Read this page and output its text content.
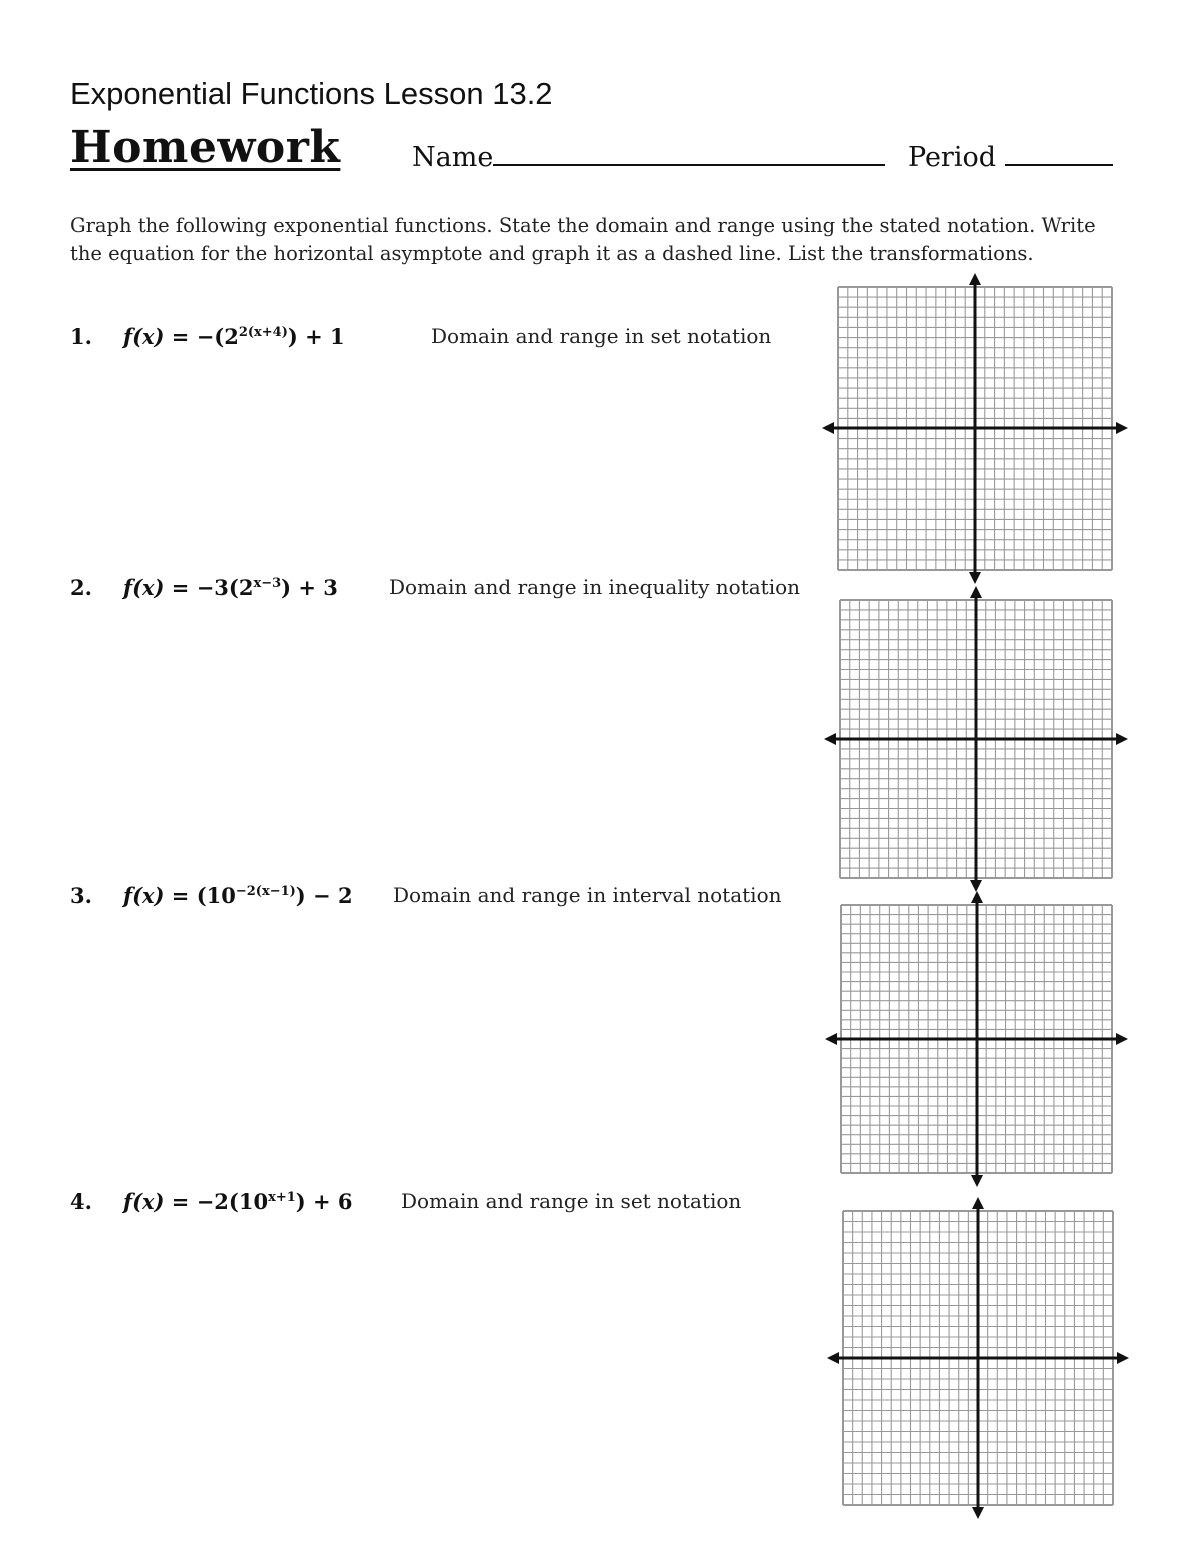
Exponential Functions Lesson 13.2
Homework	Name	Period
Graph the following exponential functions. State the domain and range using the stated notation. Write the equation for the horizontal asymptote and graph it as a dashed line. List the transformations.
1. $f(x) = -(2^{2(x+4)}) + 1$	Domain and range in set notation
2. $f(x) = -3(2^{x-3}) + 3$	Domain and range in inequality notation
3. $f(x) = (10^{-2(x-1)}) - 2$ Domain and range in interval notation
4. $f(x) = -2(10^{x+1}) + 6$ Domain and range in set notation
